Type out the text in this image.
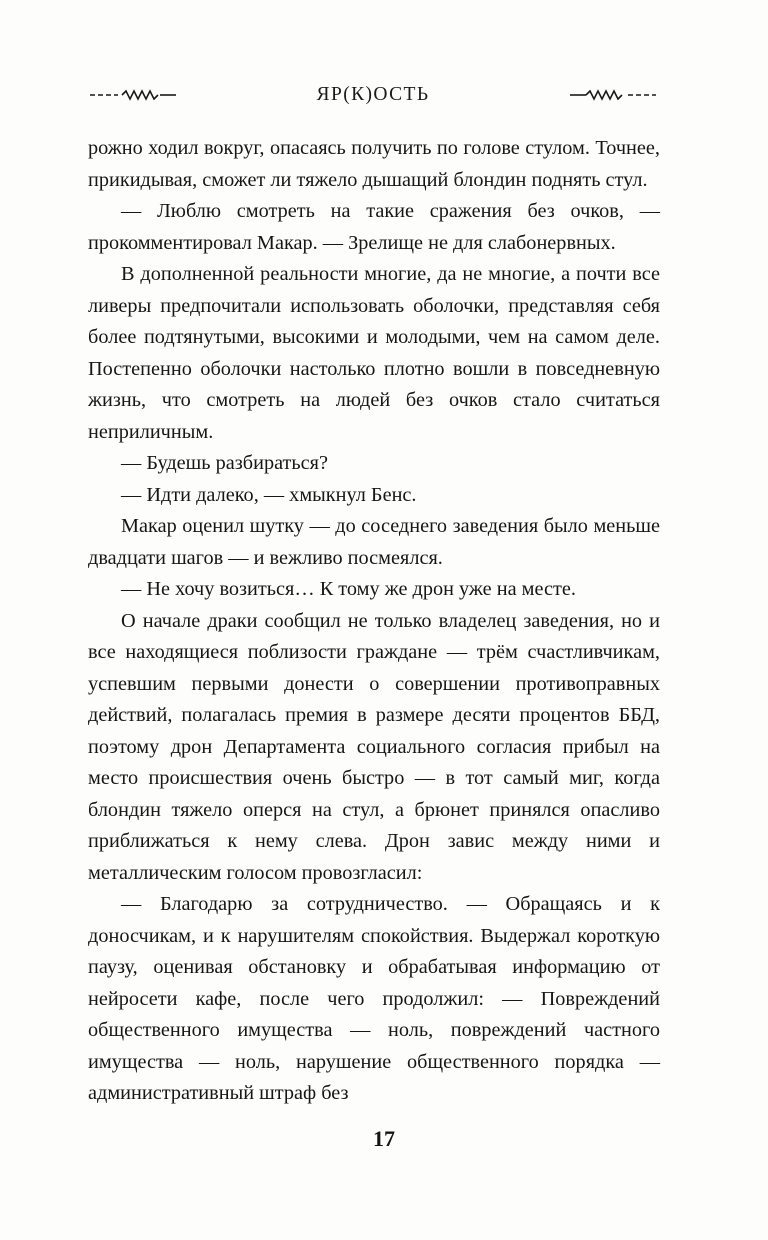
ЯР(К)ОСТЬ

рожно ходил вокруг, опасаясь получить по голове стулом. Точнее, прикидывая, сможет ли тяжело дышащий блондин поднять стул.

— Люблю смотреть на такие сражения без очков, — прокомментировал Макар. — Зрелище не для слабонервных.

В дополненной реальности многие, да не многие, а почти все ливеры предпочитали использовать оболочки, представляя себя более подтянутыми, высокими и молодыми, чем на самом деле. Постепенно оболочки настолько плотно вошли в повседневную жизнь, что смотреть на людей без очков стало считаться неприличным.

— Будешь разбираться?

— Идти далеко, — хмыкнул Бенс.

Макар оценил шутку — до соседнего заведения было меньше двадцати шагов — и вежливо посмеялся.

— Не хочу возиться… К тому же дрон уже на месте.

О начале драки сообщил не только владелец заведения, но и все находящиеся поблизости граждане — трём счастливчикам, успевшим первыми донести о совершении противоправных действий, полагалась премия в размере десяти процентов ББД, поэтому дрон Департамента социального согласия прибыл на место происшествия очень быстро — в тот самый миг, когда блондин тяжело оперся на стул, а брюнет принялся опасливо приближаться к нему слева. Дрон завис между ними и металлическим голосом провозгласил:

— Благодарю за сотрудничество. — Обращаясь и к доносчикам, и к нарушителям спокойствия. Выдержал короткую паузу, оценивая обстановку и обрабатывая информацию от нейросети кафе, после чего продолжил: — Повреждений общественного имущества — ноль, повреждений частного имущества — ноль, нарушение общественного порядка — административный штраф без

17
